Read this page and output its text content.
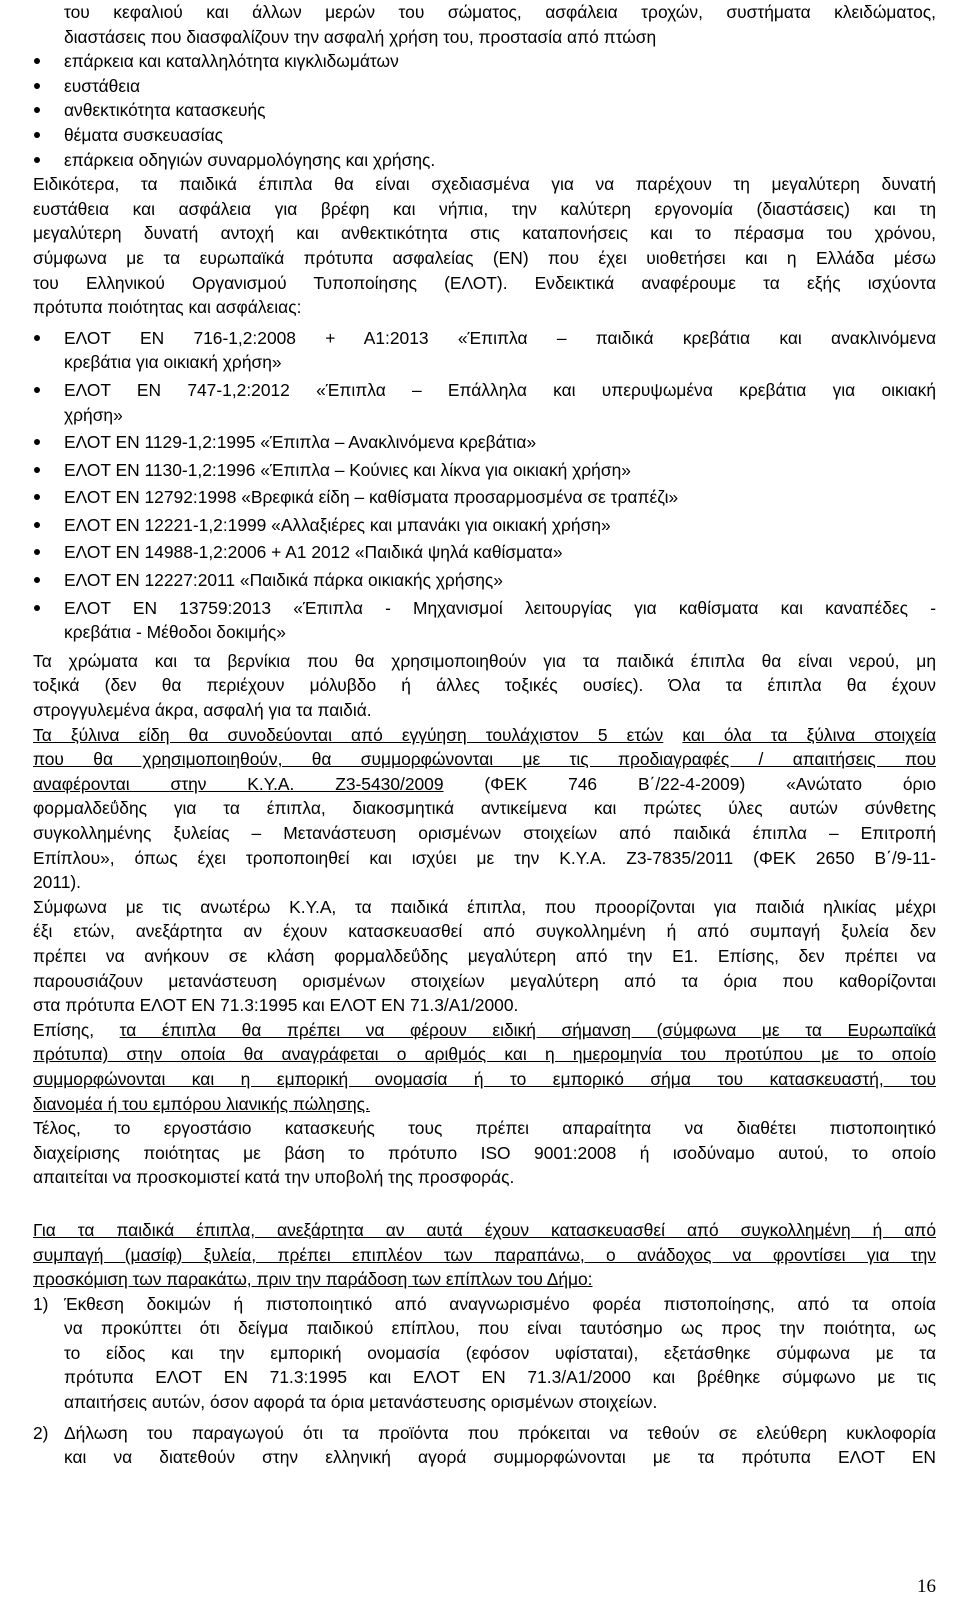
του κεφαλιού και άλλων μερών του σώματος, ασφάλεια τροχών, συστήματα κλειδώματος,
διαστάσεις που διασφαλίζουν την ασφαλή χρήση του, προστασία από πτώση
επάρκεια και καταλληλότητα κιγκλιδωμάτων
ευστάθεια
ανθεκτικότητα κατασκευής
θέματα συσκευασίας
επάρκεια οδηγιών συναρμολόγησης και χρήσης.
Ειδικότερα, τα παιδικά έπιπλα θα είναι σχεδιασμένα για να παρέχουν τη μεγαλύτερη δυνατή
ευστάθεια και ασφάλεια για βρέφη και νήπια, την καλύτερη εργονομία (διαστάσεις) και τη
μεγαλύτερη δυνατή αντοχή και ανθεκτικότητα στις καταπονήσεις και το πέρασμα του χρόνου,
σύμφωνα με τα ευρωπαϊκά πρότυπα ασφαλείας (ΕΝ) που έχει υιοθετήσει και η Ελλάδα μέσω
του Ελληνικού Οργανισμού Τυποποίησης (ΕΛΟΤ). Ενδεικτικά αναφέρουμε τα εξής ισχύοντα
πρότυπα ποιότητας και ασφάλειας:
ΕΛΟΤ ΕΝ 716-1,2:2008 + Α1:2013 «Έπιπλα – παιδικά κρεβάτια και ανακλινόμενα
κρεβάτια για οικιακή χρήση»
ΕΛΟΤ ΕΝ 747-1,2:2012 «Έπιπλα – Επάλληλα και υπερυψωμένα κρεβάτια για οικιακή
χρήση»
ΕΛΟΤ ΕΝ 1129-1,2:1995 «Έπιπλα – Ανακλινόμενα κρεβάτια»
ΕΛΟΤ ΕΝ 1130-1,2:1996 «Έπιπλα – Κούνιες και λίκνα για οικιακή χρήση»
ΕΛΟΤ ΕΝ 12792:1998 «Βρεφικά είδη – καθίσματα προσαρμοσμένα σε τραπέζι»
ΕΛΟΤ ΕΝ 12221-1,2:1999 «Αλλαξιέρες και μπανάκι για οικιακή χρήση»
ΕΛΟΤ ΕΝ 14988-1,2:2006 + Α1 2012 «Παιδικά ψηλά καθίσματα»
ΕΛΟΤ ΕΝ 12227:2011 «Παιδικά πάρκα οικιακής χρήσης»
ΕΛΟΤ ΕΝ 13759:2013 «Έπιπλα - Μηχανισμοί λειτουργίας για καθίσματα και καναπέδες -
κρεβάτια - Μέθοδοι δοκιμής»
Τα χρώματα και τα βερνίκια που θα χρησιμοποιηθούν για τα παιδικά έπιπλα θα είναι νερού, μη
τοξικά (δεν θα περιέχουν μόλυβδο ή άλλες τοξικές ουσίες). Όλα τα έπιπλα θα έχουν
στρογγυλεμένα άκρα, ασφαλή για τα παιδιά.
Τα ξύλινα είδη θα συνοδεύονται από εγγύηση τουλάχιστον 5 ετών και όλα τα ξύλινα στοιχεία
που θα χρησιμοποιηθούν, θα συμμορφώνονται με τις προδιαγραφές / απαιτήσεις που
αναφέρονται στην Κ.Υ.Α. Ζ3-5430/2009 (ΦΕΚ 746 Β΄/22-4-2009) «Ανώτατο όριο
φορμαλδεΰδης για τα έπιπλα, διακοσμητικά αντικείμενα και πρώτες ύλες αυτών σύνθετης
συγκολλημένης ξυλείας – Μετανάστευση ορισμένων στοιχείων από παιδικά έπιπλα – Επιτροπή
Επίπλου», όπως έχει τροποποιηθεί και ισχύει με την Κ.Υ.Α. Ζ3-7835/2011 (ΦΕΚ 2650 Β΄/9-11-
2011).
Σύμφωνα με τις ανωτέρω Κ.Υ.Α, τα παιδικά έπιπλα, που προορίζονται για παιδιά ηλικίας μέχρι
έξι ετών, ανεξάρτητα αν έχουν κατασκευασθεί από συγκολλημένη ή από συμπαγή ξυλεία δεν
πρέπει να ανήκουν σε κλάση φορμαλδεΰδης μεγαλύτερη από την Ε1. Επίσης, δεν πρέπει να
παρουσιάζουν μετανάστευση ορισμένων στοιχείων μεγαλύτερη από τα όρια που καθορίζονται
στα πρότυπα ΕΛΟΤ ΕΝ 71.3:1995 και ΕΛΟΤ ΕΝ 71.3/Α1/2000.
Επίσης, τα έπιπλα θα πρέπει να φέρουν ειδική σήμανση (σύμφωνα με τα Ευρωπαϊκά
πρότυπα) στην οποία θα αναγράφεται ο αριθμός και η ημερομηνία του προτύπου με το οποίο
συμμορφώνονται και η εμπορική ονομασία ή το εμπορικό σήμα του κατασκευαστή, του
διανομέα ή του εμπόρου λιανικής πώλησης.
Τέλος, το εργοστάσιο κατασκευής τους πρέπει απαραίτητα να διαθέτει πιστοποιητικό
διαχείρισης ποιότητας με βάση το πρότυπο ISO 9001:2008 ή ισοδύναμο αυτού, το οποίο
απαιτείται να προσκομιστεί κατά την υποβολή της προσφοράς.
Για τα παιδικά έπιπλα, ανεξάρτητα αν αυτά έχουν κατασκευασθεί από συγκολλημένη ή από
συμπαγή (μασίφ) ξυλεία, πρέπει επιπλέον των παραπάνω, ο ανάδοχος να φροντίσει για την
προσκόμιση των παρακάτω, πριν την παράδοση των επίπλων του Δήμο:
1) Έκθεση δοκιμών ή πιστοποιητικό από αναγνωρισμένο φορέα πιστοποίησης, από τα οποία
να προκύπτει ότι δείγμα παιδικού επίπλου, που είναι ταυτόσημο ως προς την ποιότητα, ως
το είδος και την εμπορική ονομασία (εφόσον υφίσταται), εξετάσθηκε σύμφωνα με τα
πρότυπα ΕΛΟΤ ΕΝ 71.3:1995 και ΕΛΟΤ ΕΝ 71.3/Α1/2000 και βρέθηκε σύμφωνο με τις
απαιτήσεις αυτών, όσον αφορά τα όρια μετανάστευσης ορισμένων στοιχείων.
2) Δήλωση του παραγωγού ότι τα προϊόντα που πρόκειται να τεθούν σε ελεύθερη κυκλοφορία
και να διατεθούν στην ελληνική αγορά συμμορφώνονται με τα πρότυπα ΕΛΟΤ ΕΝ
16
